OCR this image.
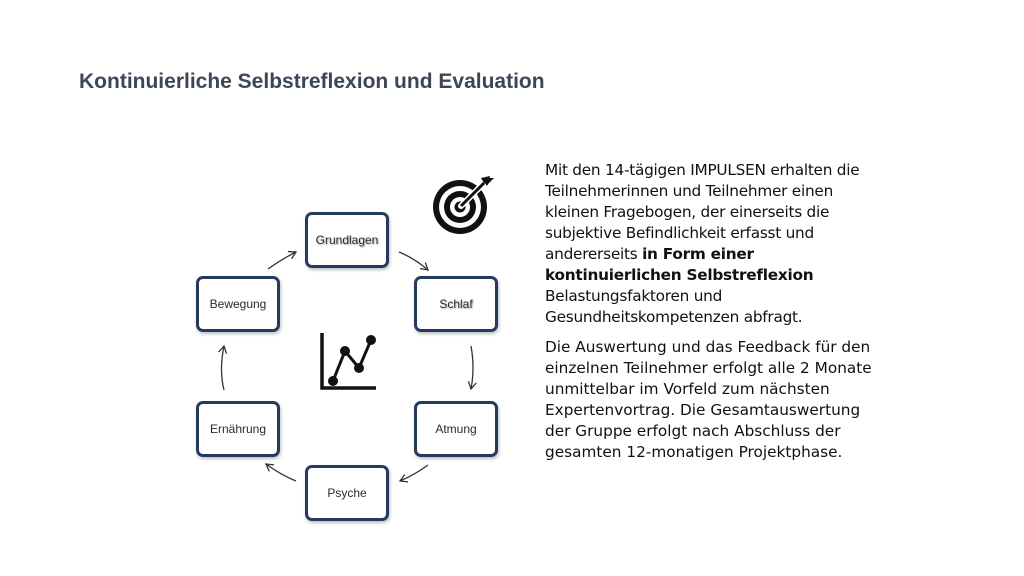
Kontinuierliche Selbstreflexion und Evaluation
Grundlagen
Schlaf
Atmung
Psyche
Ernährung
Bewegung

Mit den 14-tägigen IMPULSEN erhalten die Teilnehmerinnen und Teilnehmer einen kleinen Fragebogen, der einerseits die subjektive Befindlichkeit erfasst und andererseits in Form einer kontinuierlichen Selbstreflexion Belastungsfaktoren und Gesundheitskompetenzen abfragt.

Die Auswertung und das Feedback für den einzelnen Teilnehmer erfolgt alle 2 Monate unmittelbar im Vorfeld zum nächsten Expertenvortrag. Die Gesamtauswertung der Gruppe erfolgt nach Abschluss der gesamten 12-monatigen Projektphase.
